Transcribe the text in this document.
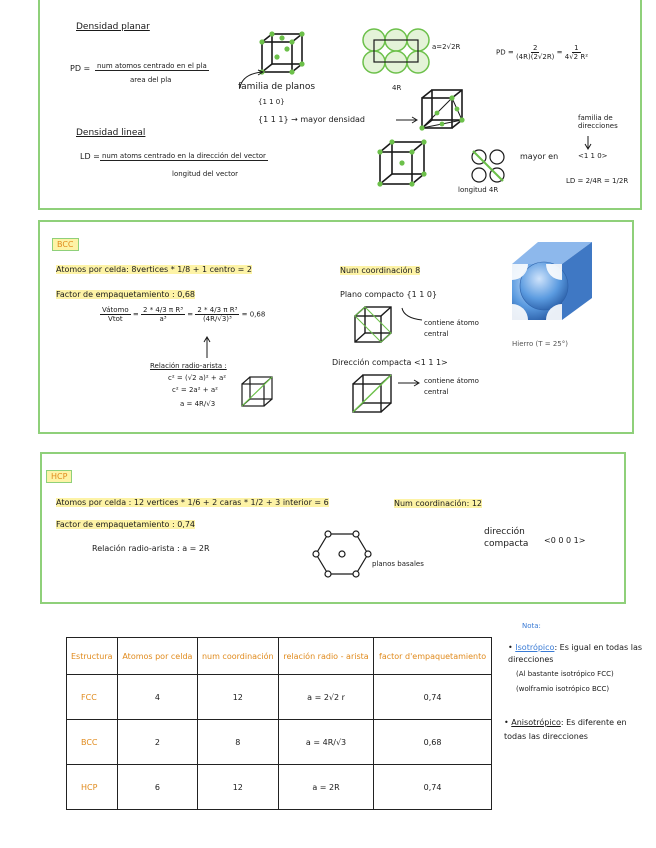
Densidad planar
PD = num atomos centrado en el pla
area del pla
a=2√2R
4R
PD = $\frac{2}{(4R)(2√2R)} = \frac{1}{\text{4√2 R²}}$
familia de planos
{1 1 0}
{1 1 1} → mayor densidad
Densidad lineal
LD = num atoms centrado en la dirección del vector
longitud del vector
longitud 4R
mayor en	<1 1 0>
familia de direcciones
LD = 2/4R = 1/2R
BCC
Atomos por celda: 8vertices * 1/8 + 1 centro = 2	Num coordinación 8
Factor de empaquetamiento : 0,68
$\frac{\text{Vátomo}}{\text{Vtot}} = \frac{\text{2 * 4/3 π R³}}{\text{a³}} = \frac{\text{2 * 4/3 π R³}}{\text{(4R/√3)³}} = 0,68$
Relación radio-arista :
c² = (√2 a)² + a²
c² = 2a² + a²
a = 4R/√3
Plano compacto {1 1 0}
contiene átomo central
Dirección compacta <1 1 1>
contiene átomo central
Hierro (T = 25°)
HCP
Atomos por celda : 12 vertices * 1/6 + 2 caras * 1/2 + 3 interior = 6	Num coordinación: 12
Factor de empaquetamiento : 0,74
Relación radio-arista : a = 2R
planos basales
dirección compacta	<0 0 0 1>
Estructura	Atomos por celda	num coordinación	relación radio - arista	factor d'empaquetamiento
FCC	4	12	a = 2√2 r	0,74
BCC	2	8	a = 4R/√3	0,68
HCP	6	12	a = 2R	0,74
Nota:
• Isotrópico: Es igual en todas las direcciones
(Al bastante isotrópico FCC)
(wolframio isotrópico BCC)
• Anisotrópico: Es diferente en todas las direcciones
